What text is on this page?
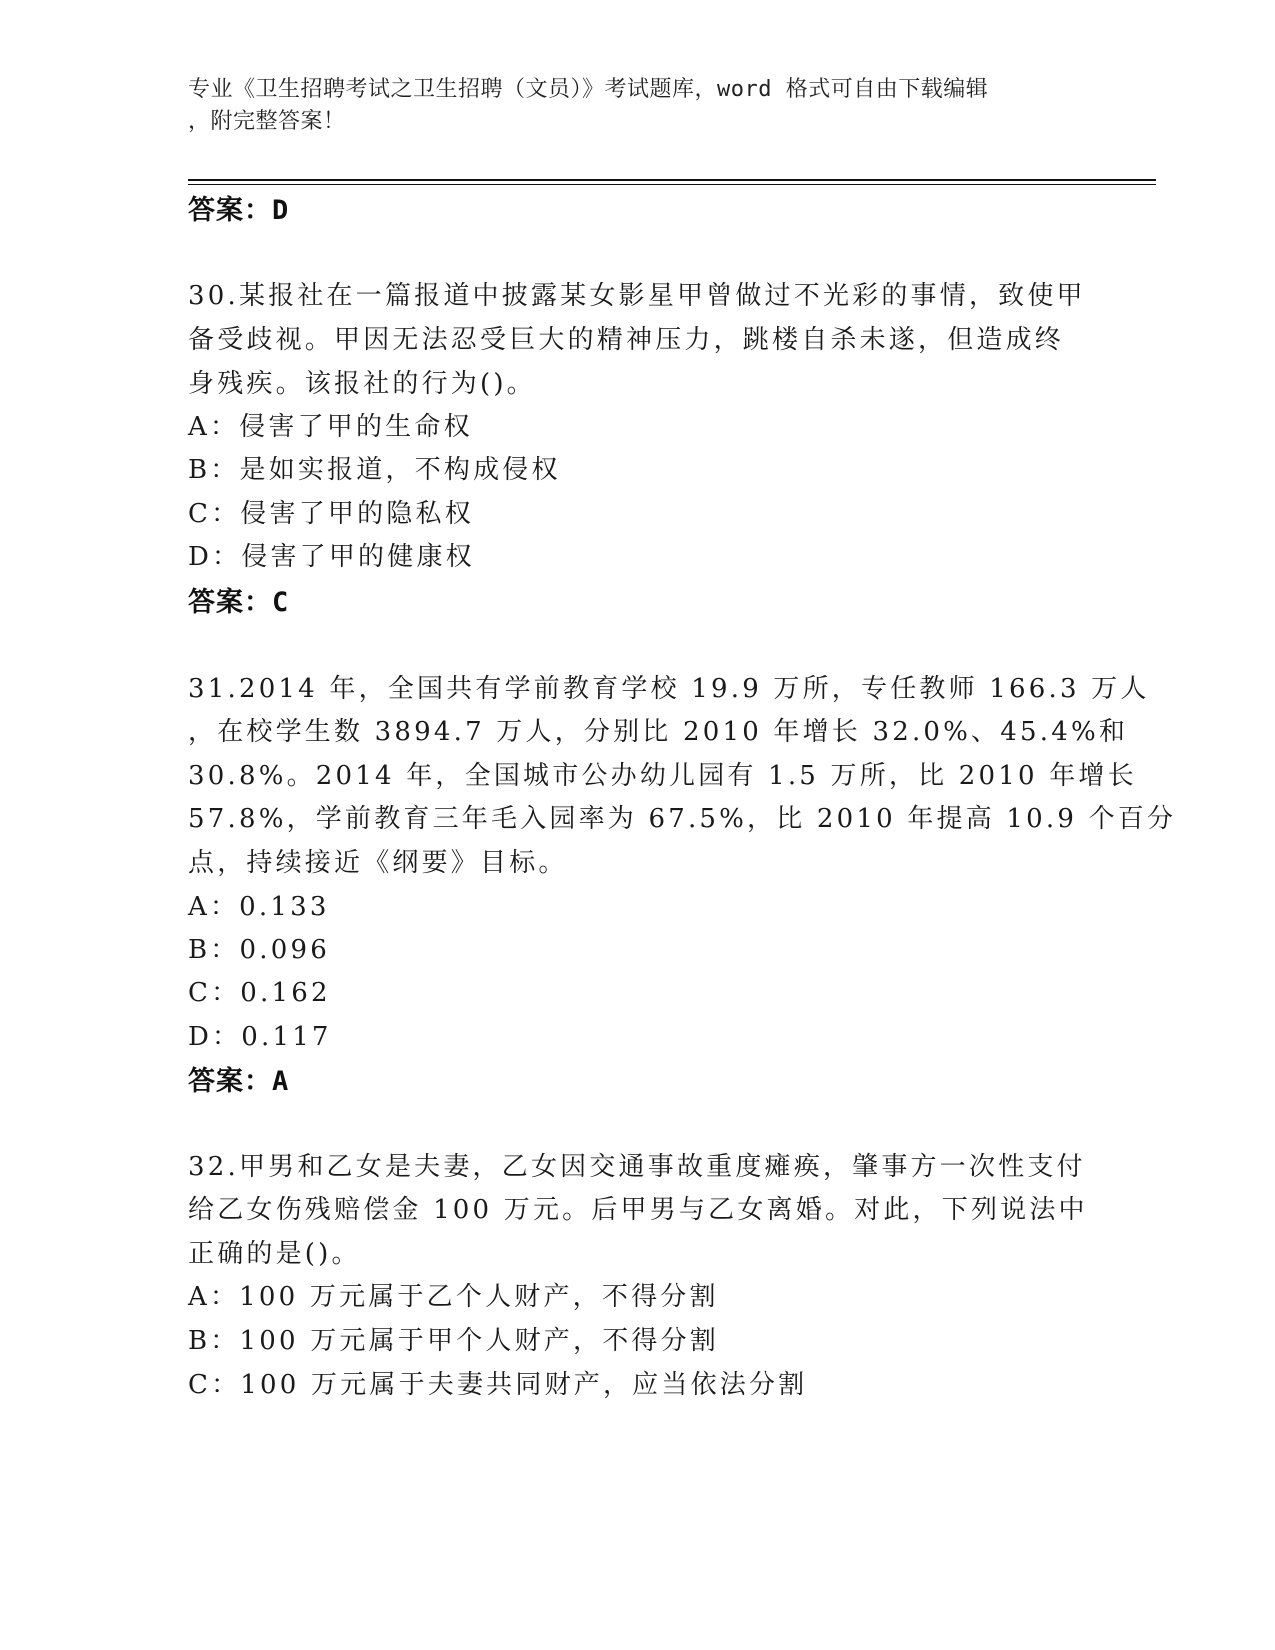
专业《卫生招聘考试之卫生招聘（文员）》考试题库，word 格式可自由下载编辑
，附完整答案！
答案：D
30.某报社在一篇报道中披露某女影星甲曾做过不光彩的事情，致使甲
备受歧视。甲因无法忍受巨大的精神压力，跳楼自杀未遂，但造成终
身残疾。该报社的行为()。
A：侵害了甲的生命权
B：是如实报道，不构成侵权
C：侵害了甲的隐私权
D：侵害了甲的健康权
答案：C
31.2014 年，全国共有学前教育学校 19.9 万所，专任教师 166.3 万人
，在校学生数 3894.7 万人，分别比 2010 年增长 32.0%、45.4%和
30.8%。2014 年，全国城市公办幼儿园有 1.5 万所，比 2010 年增长
57.8%，学前教育三年毛入园率为 67.5%，比 2010 年提高 10.9 个百分
点，持续接近《纲要》目标。
A：0.133
B：0.096
C：0.162
D：0.117
答案：A
32.甲男和乙女是夫妻，乙女因交通事故重度瘫痪，肇事方一次性支付
给乙女伤残赔偿金 100 万元。后甲男与乙女离婚。对此，下列说法中
正确的是()。
A：100 万元属于乙个人财产，不得分割
B：100 万元属于甲个人财产，不得分割
C：100 万元属于夫妻共同财产，应当依法分割
